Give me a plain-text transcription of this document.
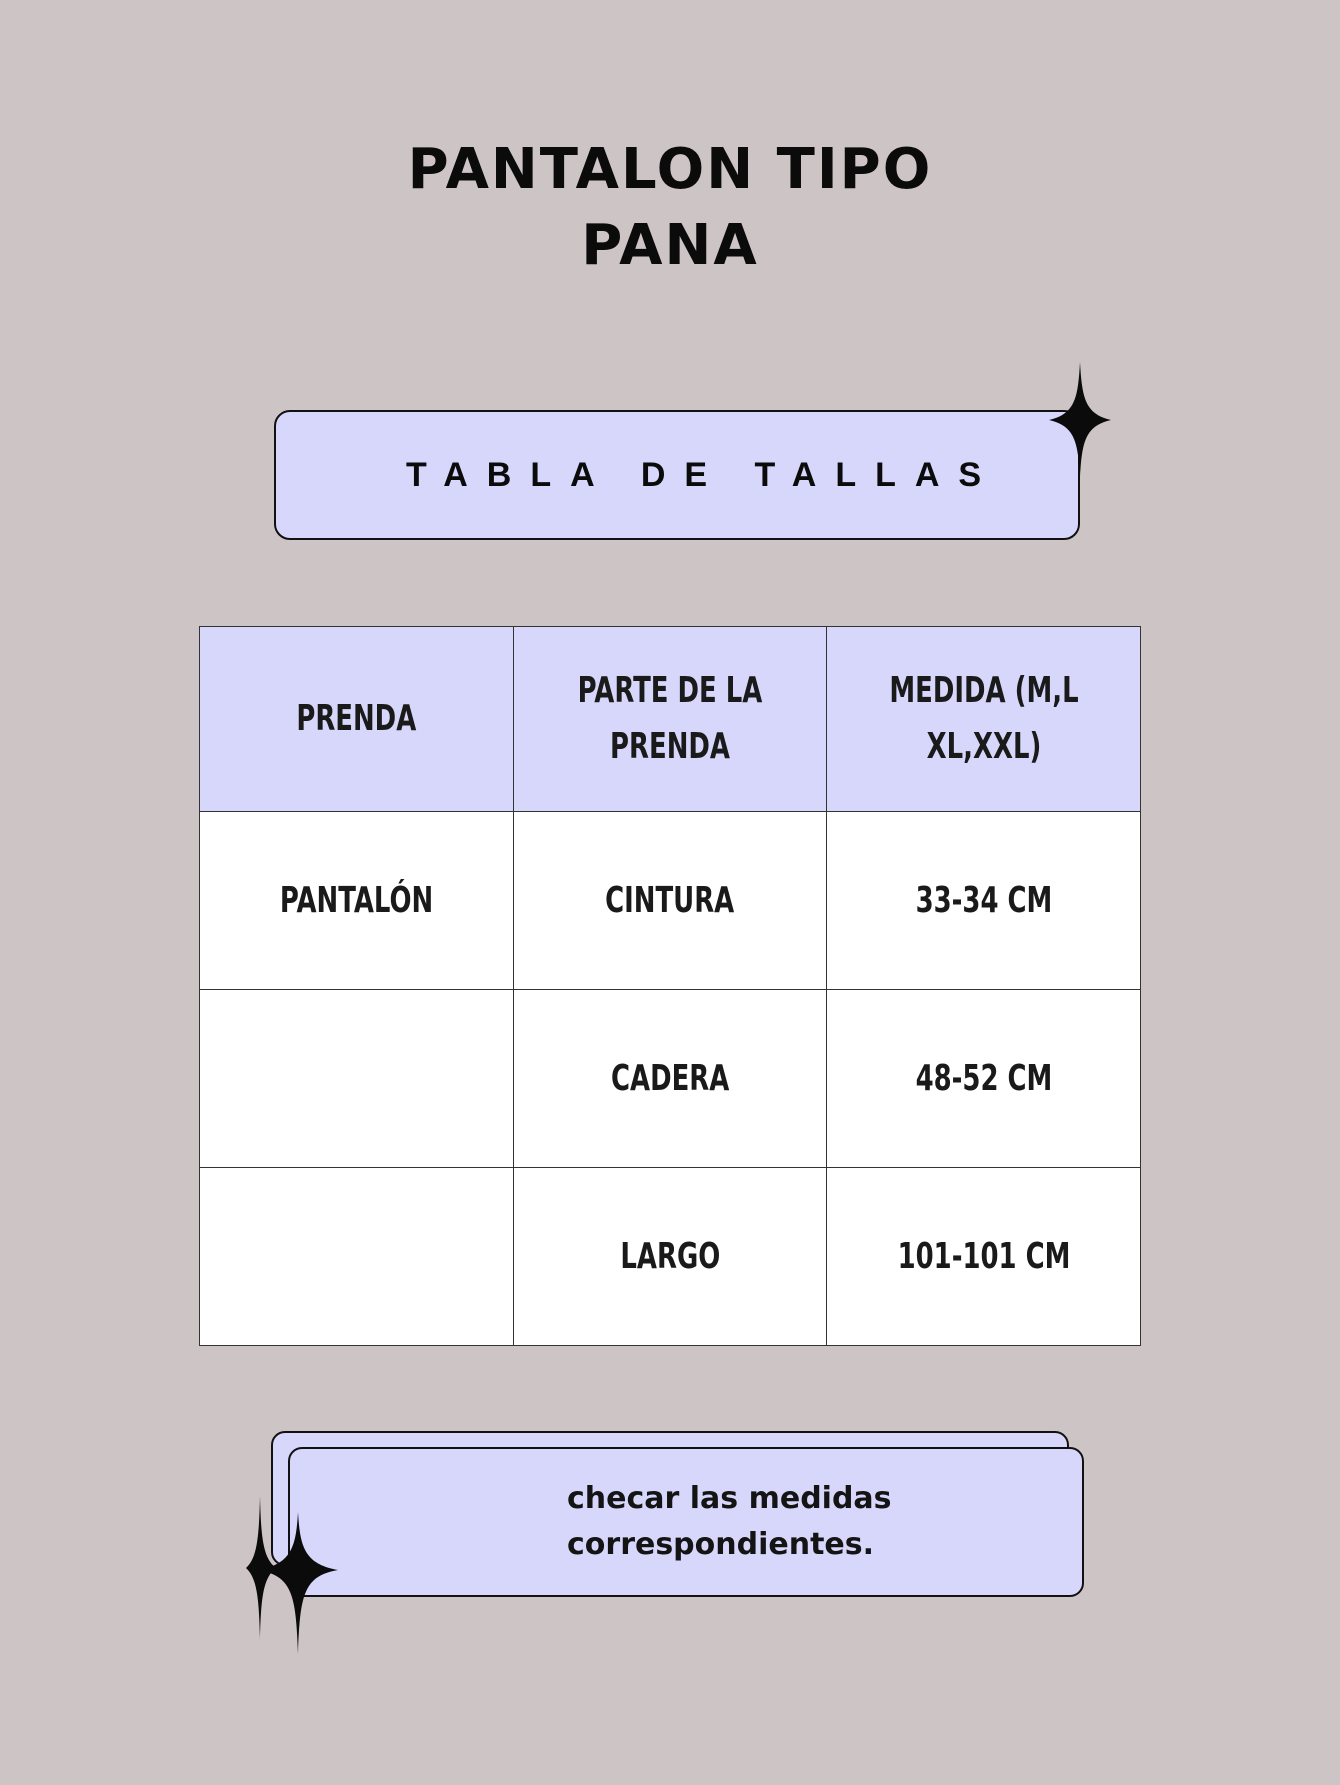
PANTALON TIPO
PANA
TABLA DE TALLAS
PRENDA	PARTE DE LA PRENDA	MEDIDA (M,L XL,XXL)
PANTALÓN	CINTURA	33-34 CM
	CADERA	48-52 CM
	LARGO	101-101 CM
checar las medidas
correspondientes.
